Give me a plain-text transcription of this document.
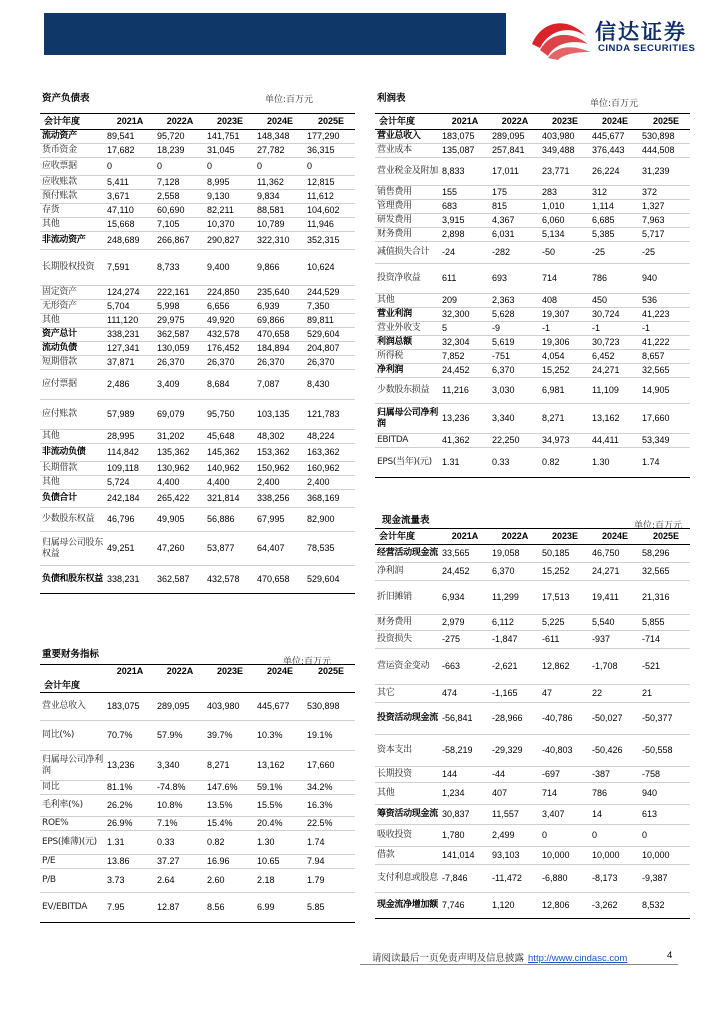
信达证券
CINDA SECURITIES
资产负债表	单位:百万元
会计年度	2021A	2022A	2023E	2024E	2025E
流动资产	89,541	95,720	141,751	148,348	177,290
货币资金	17,682	18,239	31,045	27,782	36,315
应收票据	0	0	0	0	0
应收账款	5,411	7,128	8,995	11,362	12,815
预付账款	3,671	2,558	9,130	9,834	11,612
存货	47,110	60,690	82,211	88,581	104,602
其他	15,668	7,105	10,370	10,789	11,946
非流动资产	248,689	266,867	290,827	322,310	352,315
长期股权投资	7,591	8,733	9,400	9,866	10,624
固定资产	124,274	222,161	224,850	235,640	244,529
无形资产	5,704	5,998	6,656	6,939	7,350
其他	111,120	29,975	49,920	69,866	89,811
资产总计	338,231	362,587	432,578	470,658	529,604
流动负债	127,341	130,059	176,452	184,894	204,807
短期借款	37,871	26,370	26,370	26,370	26,370
应付票据	2,486	3,409	8,684	7,087	8,430
应付账款	57,989	69,079	95,750	103,135	121,783
其他	28,995	31,202	45,648	48,302	48,224
非流动负债	114,842	135,362	145,362	153,362	163,362
长期借款	109,118	130,962	140,962	150,962	160,962
其他	5,724	4,400	4,400	2,400	2,400
负债合计	242,184	265,422	321,814	338,256	368,169
少数股东权益	46,796	49,905	56,886	67,995	82,900
归属母公司股东权益	49,251	47,260	53,877	64,407	78,535
负债和股东权益	338,231	362,587	432,578	470,658	529,604
利润表	单位:百万元
会计年度	2021A	2022A	2023E	2024E	2025E
营业总收入	183,075	289,095	403,980	445,677	530,898
营业成本	135,087	257,841	349,488	376,443	444,508
营业税金及附加	8,833	17,011	23,771	26,224	31,239
销售费用	155	175	283	312	372
管理费用	683	815	1,010	1,114	1,327
研发费用	3,915	4,367	6,060	6,685	7,963
财务费用	2,898	6,031	5,134	5,385	5,717
减值损失合计	-24	-282	-50	-25	-25
投资净收益	611	693	714	786	940
其他	209	2,363	408	450	536
营业利润	32,300	5,628	19,307	30,724	41,223
营业外收支	5	-9	-1	-1	-1
利润总额	32,304	5,619	19,306	30,723	41,222
所得税	7,852	-751	4,054	6,452	8,657
净利润	24,452	6,370	15,252	24,271	32,565
少数股东损益	11,216	3,030	6,981	11,109	14,905
归属母公司净利润	13,236	3,340	8,271	13,162	17,660
EBITDA	41,362	22,250	34,973	44,411	53,349
EPS(当年)(元)	1.31	0.33	0.82	1.30	1.74
现金流量表	单位:百万元
会计年度	2021A	2022A	2023E	2024E	2025E
经营活动现金流	33,565	19,058	50,185	46,750	58,296
净利润	24,452	6,370	15,252	24,271	32,565
折旧摊销	6,934	11,299	17,513	19,411	21,316
财务费用	2,979	6,112	5,225	5,540	5,855
投资损失	-275	-1,847	-611	-937	-714
营运资金变动	-663	-2,621	12,862	-1,708	-521
其它	474	-1,165	47	22	21
投资活动现金流	-56,841	-28,966	-40,786	-50,027	-50,377
资本支出	-58,219	-29,329	-40,803	-50,426	-50,558
长期投资	144	-44	-697	-387	-758
其他	1,234	407	714	786	940
筹资活动现金流	30,837	11,557	3,407	14	613
吸收投资	1,780	2,499	0	0	0
借款	141,014	93,103	10,000	10,000	10,000
支付利息或股息	-7,846	-11,472	-6,880	-8,173	-9,387
现金流净增加额	7,746	1,120	12,806	-3,262	8,532
重要财务指标
单位:百万元
	2021A	2022A	2023E	2024E	2025E
会计年度					
营业总收入	183,075	289,095	403,980	445,677	530,898
同比(%)	70.7%	57.9%	39.7%	10.3%	19.1%
归属母公司净利润	13,236	3,340	8,271	13,162	17,660
同比	81.1%	-74.8%	147.6%	59.1%	34.2%
毛利率(%)	26.2%	10.8%	13.5%	15.5%	16.3%
ROE%	26.9%	7.1%	15.4%	20.4%	22.5%
EPS(摊薄)(元)	1.31	0.33	0.82	1.30	1.74
P/E	13.86	37.27	16.96	10.65	7.94
P/B	3.73	2.64	2.60	2.18	1.79
EV/EBITDA	7.95	12.87	8.56	6.99	5.85
请阅读最后一页免责声明及信息披露 http://www.cindasc.com	4
